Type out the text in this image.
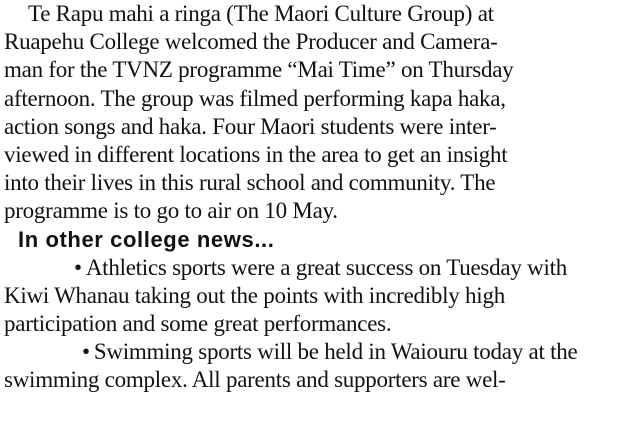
Te Rapu mahi a ringa (The Maori Culture Group) at
Ruapehu College welcomed the Producer and Camera-
man for the TVNZ programme “Mai Time” on Thursday
afternoon. The group was filmed performing kapa haka,
action songs and haka. Four Maori students were inter-
viewed in different locations in the area to get an insight
into their lives in this rural school and community. The
programme is to go to air on 10 May.
In other college news...
• Athletics sports were a great success on Tuesday with
Kiwi Whanau taking out the points with incredibly high
participation and some great performances.
• Swimming sports will be held in Waiouru today at the
swimming complex. All parents and supporters are wel-
